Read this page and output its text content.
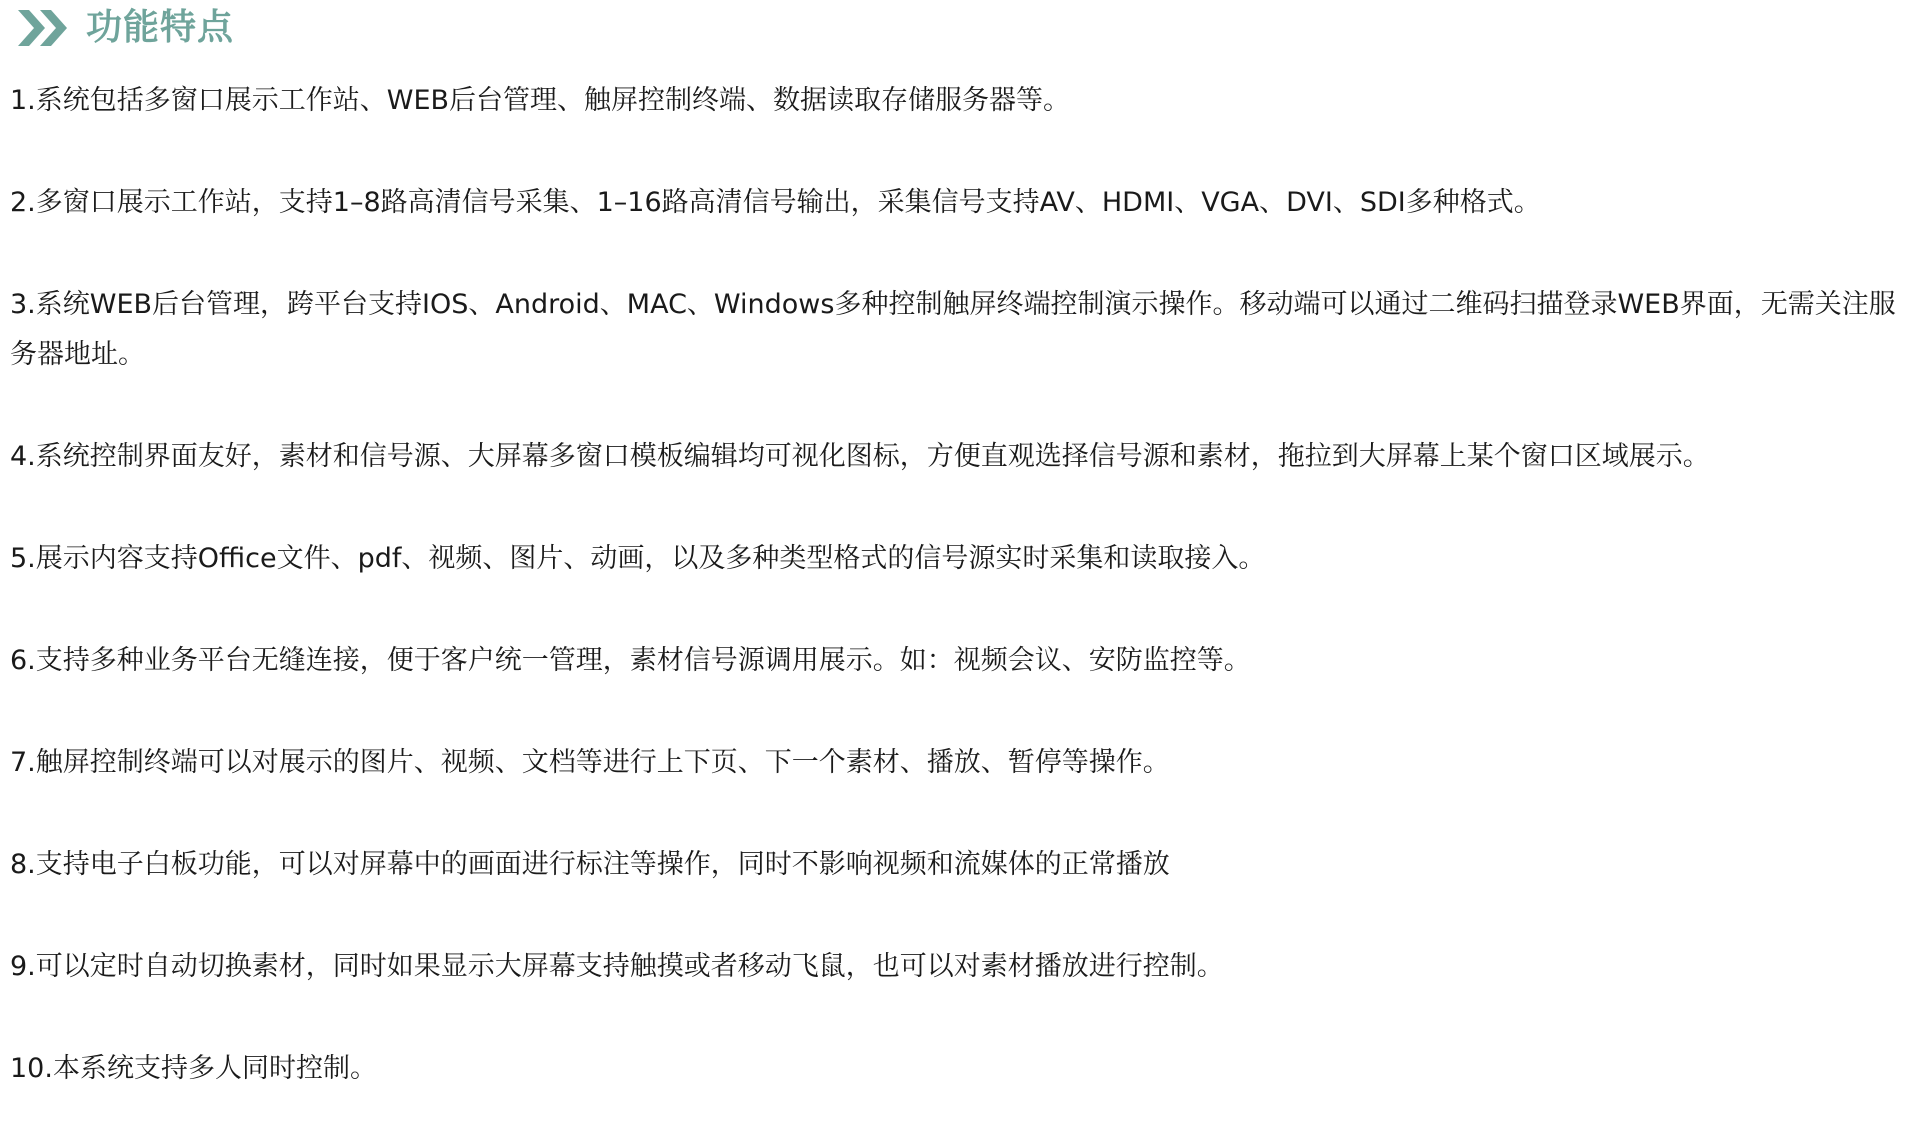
功能特点
1.系统包括多窗口展示工作站、WEB后台管理、触屏控制终端、数据读取存储服务器等。
2.多窗口展示工作站，支持1–8路高清信号采集、1–16路高清信号输出，采集信号支持AV、HDMI、VGA、DVI、SDI多种格式。
3.系统WEB后台管理，跨平台支持IOS、Android、MAC、Windows多种控制触屏终端控制演示操作。移动端可以通过二维码扫描登录WEB界面，无需关注服务器地址。
4.系统控制界面友好，素材和信号源、大屏幕多窗口模板编辑均可视化图标，方便直观选择信号源和素材，拖拉到大屏幕上某个窗口区域展示。
5.展示内容支持Office文件、pdf、视频、图片、动画，以及多种类型格式的信号源实时采集和读取接入。
6.支持多种业务平台无缝连接，便于客户统一管理，素材信号源调用展示。如：视频会议、安防监控等。
7.触屏控制终端可以对展示的图片、视频、文档等进行上下页、下一个素材、播放、暂停等操作。
8.支持电子白板功能，可以对屏幕中的画面进行标注等操作，同时不影响视频和流媒体的正常播放
9.可以定时自动切换素材，同时如果显示大屏幕支持触摸或者移动飞鼠，也可以对素材播放进行控制。
10.本系统支持多人同时控制。
